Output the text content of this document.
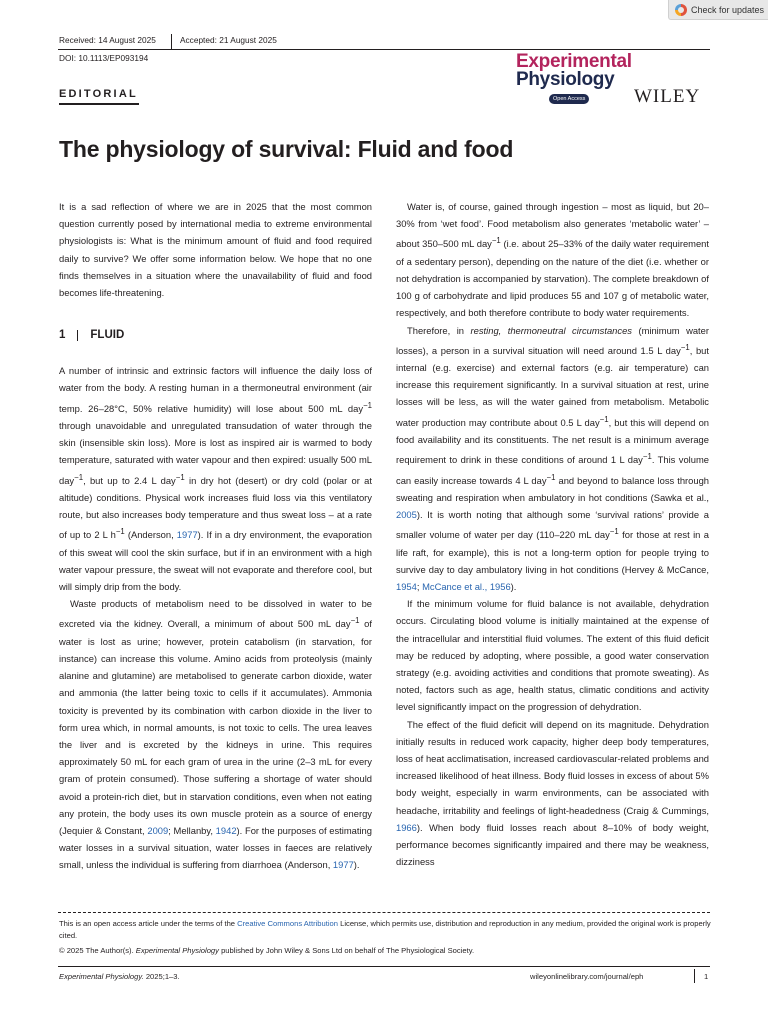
Check for updates
Received: 14 August 2025	Accepted: 21 August 2025
DOI: 10.1113/EP093194
EDITORIAL
Experimental
Physiology
Open Access	WILEY
The physiology of survival: Fluid and food

It is a sad reflection of where we are in 2025 that the most common question currently posed by international media to extreme environmental physiologists is: What is the minimum amount of fluid and food required daily to survive? We offer some information below. We hope that no one finds themselves in a situation where the unavailability of fluid and food becomes life-threatening.

1 FLUID

A number of intrinsic and extrinsic factors will influence the daily loss of water from the body. A resting human in a thermoneutral environment (air temp. 26–28°C, 50% relative humidity) will lose about 500 mL day$^{-1}$ through unavoidable and unregulated transudation of water through the skin (insensible skin loss). More is lost as inspired air is warmed to body temperature, saturated with water vapour and then expired: usually 500 mL day$^{-1}$, but up to 2.4 L day$^{-1}$ in dry hot (desert) or dry cold (polar or at altitude) conditions. Physical work increases fluid loss via this ventilatory route, but also increases body temperature and thus sweat loss – at a rate of up to 2 L $h^{-1}$ (Anderson, 1977). If in a dry environment, the evaporation of this sweat will cool the skin surface, but if in an environment with a high water vapour pressure, the sweat will not evaporate and therefore cool, but will simply drip from the body.

Waste products of metabolism need to be dissolved in water to be excreted via the kidney. Overall, a minimum of about 500 mL day$^{-1}$ of water is lost as urine; however, protein catabolism (in starvation, for instance) can increase this volume. Amino acids from proteolysis (mainly alanine and glutamine) are metabolised to generate carbon dioxide, water and ammonia (the latter being toxic to cells if it accumulates). Ammonia toxicity is prevented by its combination with carbon dioxide in the liver to form urea which, in normal amounts, is not toxic to cells. The urea leaves the liver and is excreted by the kidneys in urine. This requires approximately 50 mL for each gram of urea in the urine (2–3 mL for every gram of protein consumed). Those suffering a shortage of water should avoid a protein-rich diet, but in starvation conditions, even when not eating any protein, the body uses its own muscle protein as a source of energy (Jequier & Constant, 2009; Mellanby, 1942). For the purposes of estimating water losses in a survival situation, water losses in faeces are relatively small, unless the individual is suffering from diarrhoea (Anderson, 1977).

Water is, of course, gained through ingestion – most as liquid, but 20–30% from ‘wet food’. Food metabolism also generates ‘metabolic water’ – about 350–500 mL day$^{-1}$ (i.e. about 25–33% of the daily water requirement of a sedentary person), depending on the nature of the diet (i.e. whether or not dehydration is accompanied by starvation). The complete breakdown of 100 g of carbohydrate and lipid produces 55 and 107 g of metabolic water, respectively, and both therefore contribute to body water requirements.

Therefore, in resting, thermoneutral circumstances (minimum water losses), a person in a survival situation will need around 1.5 L day$^{-1}$, but internal (e.g. exercise) and external factors (e.g. air temperature) can increase this requirement significantly. In a survival situation at rest, urine losses will be less, as will the water gained from metabolism. Metabolic water production may contribute about 0.5 L day$^{-1}$, but this will depend on food availability and its constituents. The net result is a minimum average requirement to drink in these conditions of around 1 L day$^{-1}$. This volume can easily increase towards 4 L day$^{-1}$ and beyond to balance loss through sweating and respiration when ambulatory in hot conditions (Sawka et al., 2005). It is worth noting that although some ‘survival rations’ provide a smaller volume of water per day (110–220 mL day$^{-1}$ for those at rest in a life raft, for example), this is not a long-term option for people trying to survive day to day ambulatory living in hot conditions (Hervey & McCance, 1954; McCance et al., 1956).

If the minimum volume for fluid balance is not available, dehydration occurs. Circulating blood volume is initially maintained at the expense of the intracellular and interstitial fluid volumes. The extent of this fluid deficit may be reduced by adopting, where possible, a good water conservation strategy (e.g. avoiding activities and conditions that promote sweating). As noted, factors such as age, health status, climatic conditions and activity level significantly impact on the progression of dehydration.

The effect of the fluid deficit will depend on its magnitude. Dehydration initially results in reduced work capacity, higher deep body temperatures, loss of heat acclimatisation, increased cardiovascular-related problems and increased likelihood of heat illness. Body fluid losses in excess of about 5% body weight, especially in warm environments, can be associated with headache, irritability and feelings of light-headedness (Craig & Cummings, 1966). When body fluid losses reach about 8–10% of body weight, performance becomes significantly impaired and there may be weakness, dizziness

This is an open access article under the terms of the Creative Commons Attribution License, which permits use, distribution and reproduction in any medium, provided the original work is properly cited.
© 2025 The Author(s). Experimental Physiology published by John Wiley & Sons Ltd on behalf of The Physiological Society.
Experimental Physiology. 2025;1–3.	wileyonlinelibrary.com/journal/eph	1
